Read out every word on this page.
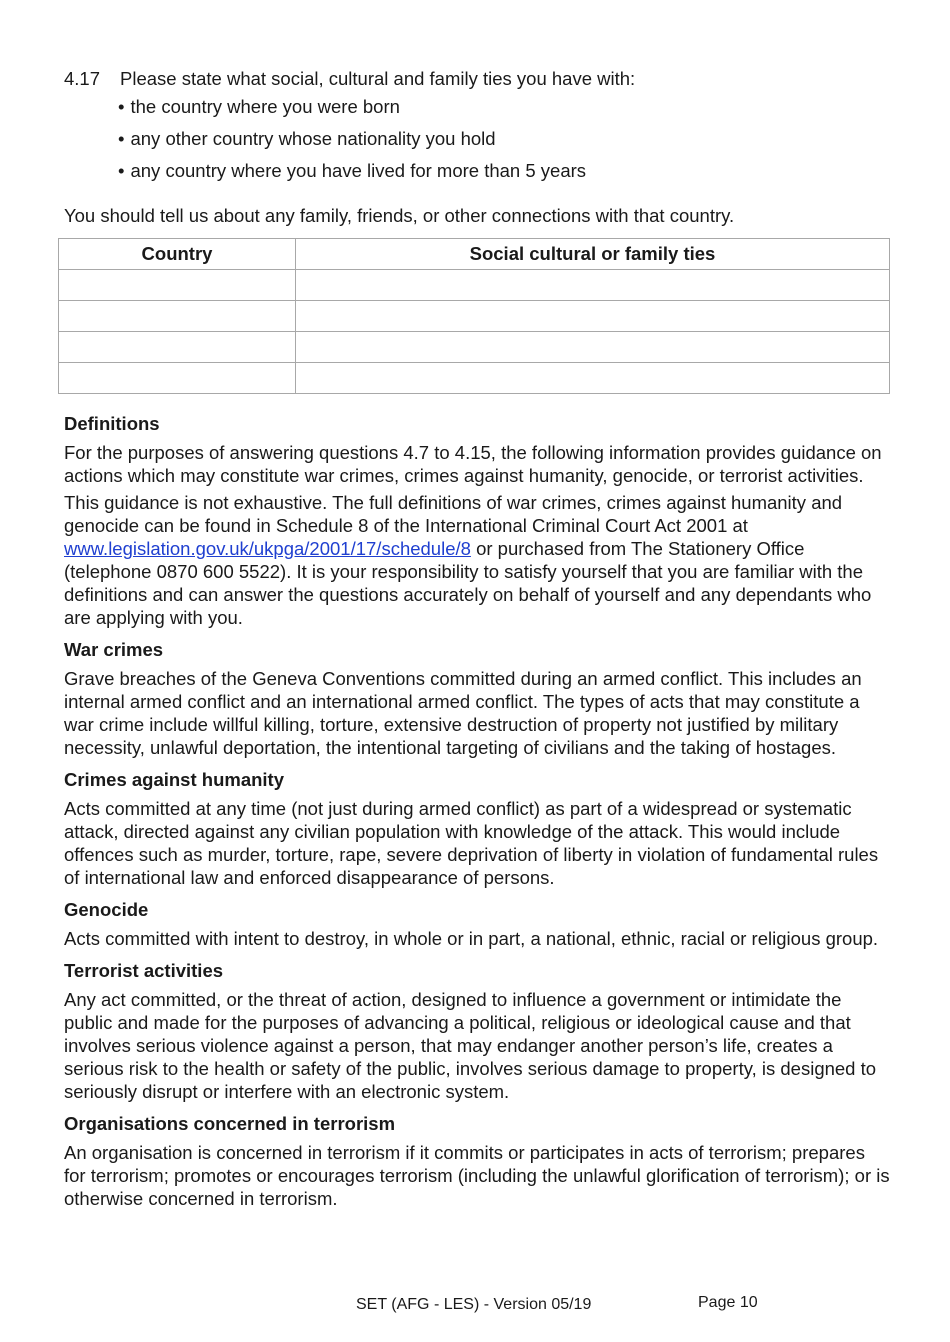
4.17 Please state what social, cultural and family ties you have with:
• the country where you were born
• any other country whose nationality you hold
• any country where you have lived for more than 5 years
You should tell us about any family, friends, or other connections with that country.
Country	Social cultural or family ties

Definitions

For the purposes of answering questions 4.7 to 4.15, the following information provides guidance on actions which may constitute war crimes, crimes against humanity, genocide, or terrorist activities.

This guidance is not exhaustive. The full definitions of war crimes, crimes against humanity and genocide can be found in Schedule 8 of the International Criminal Court Act 2001 at www.legislation.gov.uk/ukpga/2001/17/schedule/8 or purchased from The Stationery Office (telephone 0870 600 5522). It is your responsibility to satisfy yourself that you are familiar with the definitions and can answer the questions accurately on behalf of yourself and any dependants who are applying with you.

War crimes

Grave breaches of the Geneva Conventions committed during an armed conflict. This includes an internal armed conflict and an international armed conflict. The types of acts that may constitute a war crime include willful killing, torture, extensive destruction of property not justified by military necessity, unlawful deportation, the intentional targeting of civilians and the taking of hostages.

Crimes against humanity

Acts committed at any time (not just during armed conflict) as part of a widespread or systematic attack, directed against any civilian population with knowledge of the attack. This would include offences such as murder, torture, rape, severe deprivation of liberty in violation of fundamental rules of international law and enforced disappearance of persons.

Genocide

Acts committed with intent to destroy, in whole or in part, a national, ethnic, racial or religious group.

Terrorist activities

Any act committed, or the threat of action, designed to influence a government or intimidate the public and made for the purposes of advancing a political, religious or ideological cause and that involves serious violence against a person, that may endanger another person’s life, creates a serious risk to the health or safety of the public, involves serious damage to property, is designed to seriously disrupt or interfere with an electronic system.

Organisations concerned in terrorism

An organisation is concerned in terrorism if it commits or participates in acts of terrorism; prepares for terrorism; promotes or encourages terrorism (including the unlawful glorification of terrorism); or is otherwise concerned in terrorism.

SET (AFG - LES) - Version 05/19	Page 10
